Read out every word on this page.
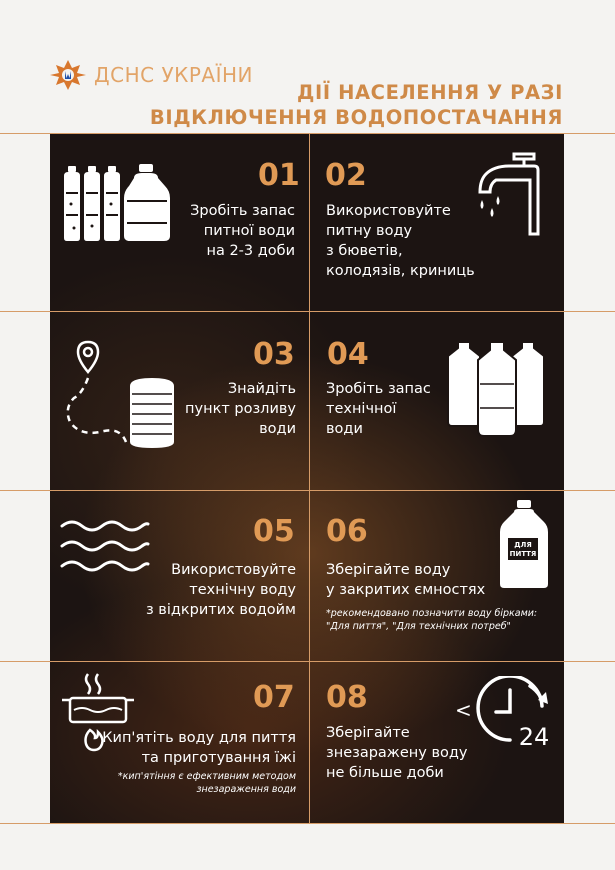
ДСНС УКРАЇНИ
ДІЇ НАСЕЛЕННЯ У РАЗІ
ВІДКЛЮЧЕННЯ ВОДОПОСТАЧАННЯ
01
Зробіть запас
питної води
на 2-3 доби
02
Використовуйте
питну воду
з бюветів,
колодязів, криниць
03
Знайдіть
пункт розливу
води
04
Зробіть запас
технічної
води
05
Використовуйте
технічну воду
з відкритих водойм
06
Зберігайте воду
у закритих ємностях
*рекомендовано позначити воду бірками:
"Для пиття", "Для технічних потреб"
ДЛЯ
ПИТТЯ
07
Кип'ятіть воду для пиття
та приготування їжі
*кип'ятіння є ефективним методом
знезараження води
08
Зберігайте
знезаражену воду
не більше доби
<
24
